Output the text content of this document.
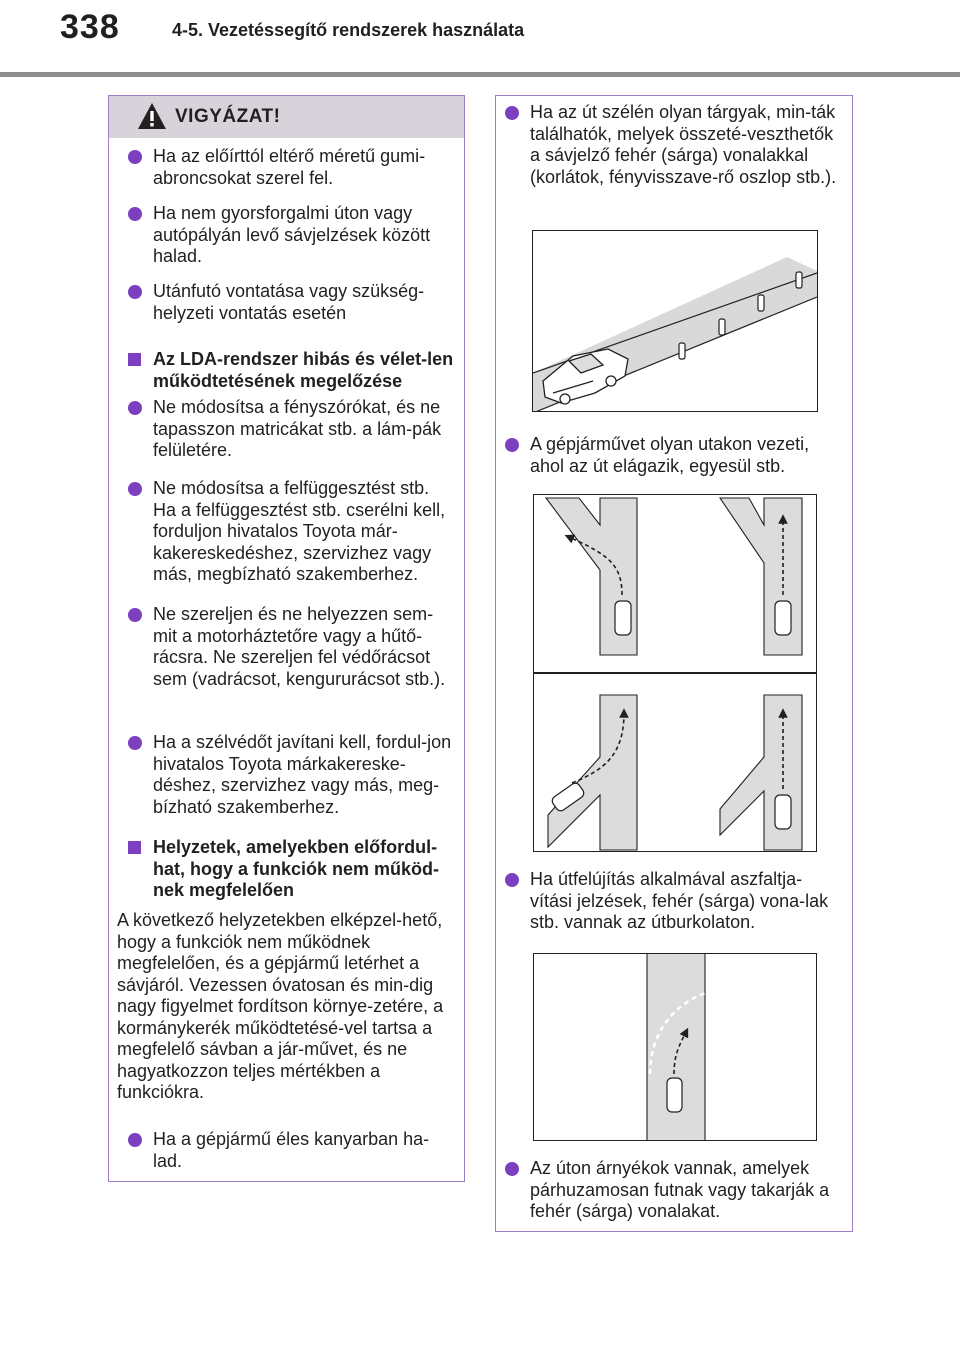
338	4-5. Vezetéssegítő rendszerek használata
VIGYÁZAT!
Ha az előírttól eltérő méretű gumi-abroncsokat szerel fel.
Ha nem gyorsforgalmi úton vagy autópályán levő sávjelzések között halad.
Utánfutó vontatása vagy szükség-helyzeti vontatás esetén
Az LDA-rendszer hibás és vélet-len működtetésének megelőzése
Ne módosítsa a fényszórókat, és ne tapasszon matricákat stb. a lám-pák felületére.
Ne módosítsa a felfüggesztést stb. Ha a felfüggesztést stb. cserélni kell, forduljon hivatalos Toyota már-kakereskedéshez, szervizhez vagy más, megbízható szakemberhez.
Ne szereljen és ne helyezzen sem-mit a motorháztetőre vagy a hűtő-rácsra. Ne szereljen fel védőrácsot sem (vadrácsot, kengururácsot stb.).
Ha a szélvédőt javítani kell, fordul-jon hivatalos Toyota márkakereske-déshez, szervizhez vagy más, meg-bízható szakemberhez.
Helyzetek, amelyekben előfordul-hat, hogy a funkciók nem működ-nek megfelelően
A következő helyzetekben elképzel-hető, hogy a funkciók nem működnek megfelelően, és a gépjármű letérhet a sávjáról. Vezessen óvatosan és min-dig nagy figyelmet fordítson környe-zetére, a kormánykerék működtetésé-vel tartsa a megfelelő sávban a jár-művet, és ne hagyatkozzon teljes mértékben a funkciókra.
Ha a gépjármű éles kanyarban ha-lad.
Ha az út szélén olyan tárgyak, min-ták találhatók, melyek összeté-veszthetők a sávjelző fehér (sárga) vonalakkal (korlátok, fényvisszave-rő oszlop stb.).
A gépjárművet olyan utakon vezeti, ahol az út elágazik, egyesül stb.
Ha útfelújítás alkalmával aszfaltja-vítási jelzések, fehér (sárga) vona-lak stb. vannak az útburkolaton.
Az úton árnyékok vannak, amelyek párhuzamosan futnak vagy takarják a fehér (sárga) vonalakat.
